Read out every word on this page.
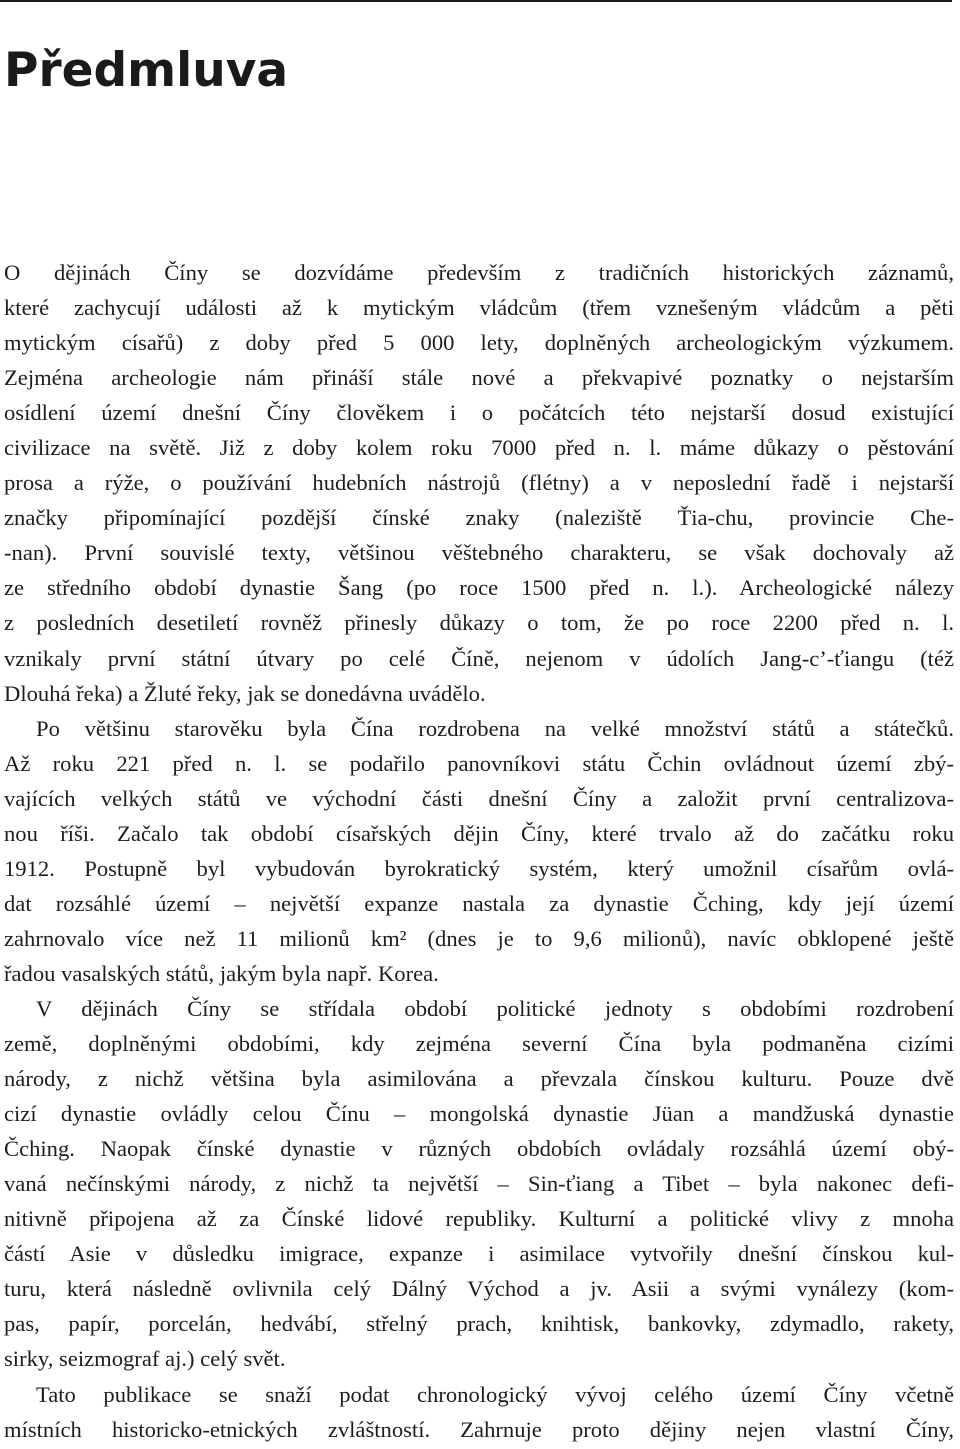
Předmluva

O dějinách Číny se dozvídáme především z tradičních historických záznamů,
které zachycují události až k mytickým vládcům (třem vznešeným vládcům a pěti
mytickým císařů) z doby před 5 000 lety, doplněných archeologickým výzkumem.
Zejména archeologie nám přináší stále nové a překvapivé poznatky o nejstarším
osídlení území dnešní Číny člověkem i o počátcích této nejstarší dosud existující
civilizace na světě. Již z doby kolem roku 7000 před n. l. máme důkazy o pěstování
prosa a rýže, o používání hudebních nástrojů (flétny) a v neposlední řadě i nejstarší
značky připomínající pozdější čínské znaky (naleziště Ťia-chu, provincie Che-
-nan). První souvislé texty, většinou věštebného charakteru, se však dochovaly až
ze středního období dynastie Šang (po roce 1500 před n. l.). Archeologické nálezy
z posledních desetiletí rovněž přinesly důkazy o tom, že po roce 2200 před n. l.
vznikaly první státní útvary po celé Číně, nejenom v údolích Jang-c’-ťiangu (též
Dlouhá řeka) a Žluté řeky, jak se donedávna uvádělo.

Po většinu starověku byla Čína rozdrobena na velké množství států a státečků.
Až roku 221 před n. l. se podařilo panovníkovi státu Čchin ovládnout území zbý-
vajících velkých států ve východní části dnešní Číny a založit první centralizova-
nou říši. Začalo tak období císařských dějin Číny, které trvalo až do začátku roku
1912. Postupně byl vybudován byrokratický systém, který umožnil císařům ovlá-
dat rozsáhlé území – největší expanze nastala za dynastie Čching, kdy její území
zahrnovalo více než 11 milionů km² (dnes je to 9,6 milionů), navíc obklopené ještě
řadou vasalských států, jakým byla např. Korea.

V dějinách Číny se střídala období politické jednoty s obdobími rozdrobení
země, doplněnými obdobími, kdy zejména severní Čína byla podmaněna cizími
národy, z nichž většina byla asimilována a převzala čínskou kulturu. Pouze dvě
cizí dynastie ovládly celou Čínu – mongolská dynastie Jüan a mandžuská dynastie
Čching. Naopak čínské dynastie v různých obdobích ovládaly rozsáhlá území obý-
vaná nečínskými národy, z nichž ta největší – Sin-ťiang a Tibet – byla nakonec defi-
nitivně připojena až za Čínské lidové republiky. Kulturní a politické vlivy z mnoha
částí Asie v důsledku imigrace, expanze i asimilace vytvořily dnešní čínskou kul-
turu, která následně ovlivnila celý Dálný Východ a jv. Asii a svými vynálezy (kom-
pas, papír, porcelán, hedvábí, střelný prach, knihtisk, bankovky, zdymadlo, rakety,
sirky, seizmograf aj.) celý svět.

Tato publikace se snaží podat chronologický vývoj celého území Číny včetně
místních historicko-etnických zvláštností. Zahrnuje proto dějiny nejen vlastní Číny,
